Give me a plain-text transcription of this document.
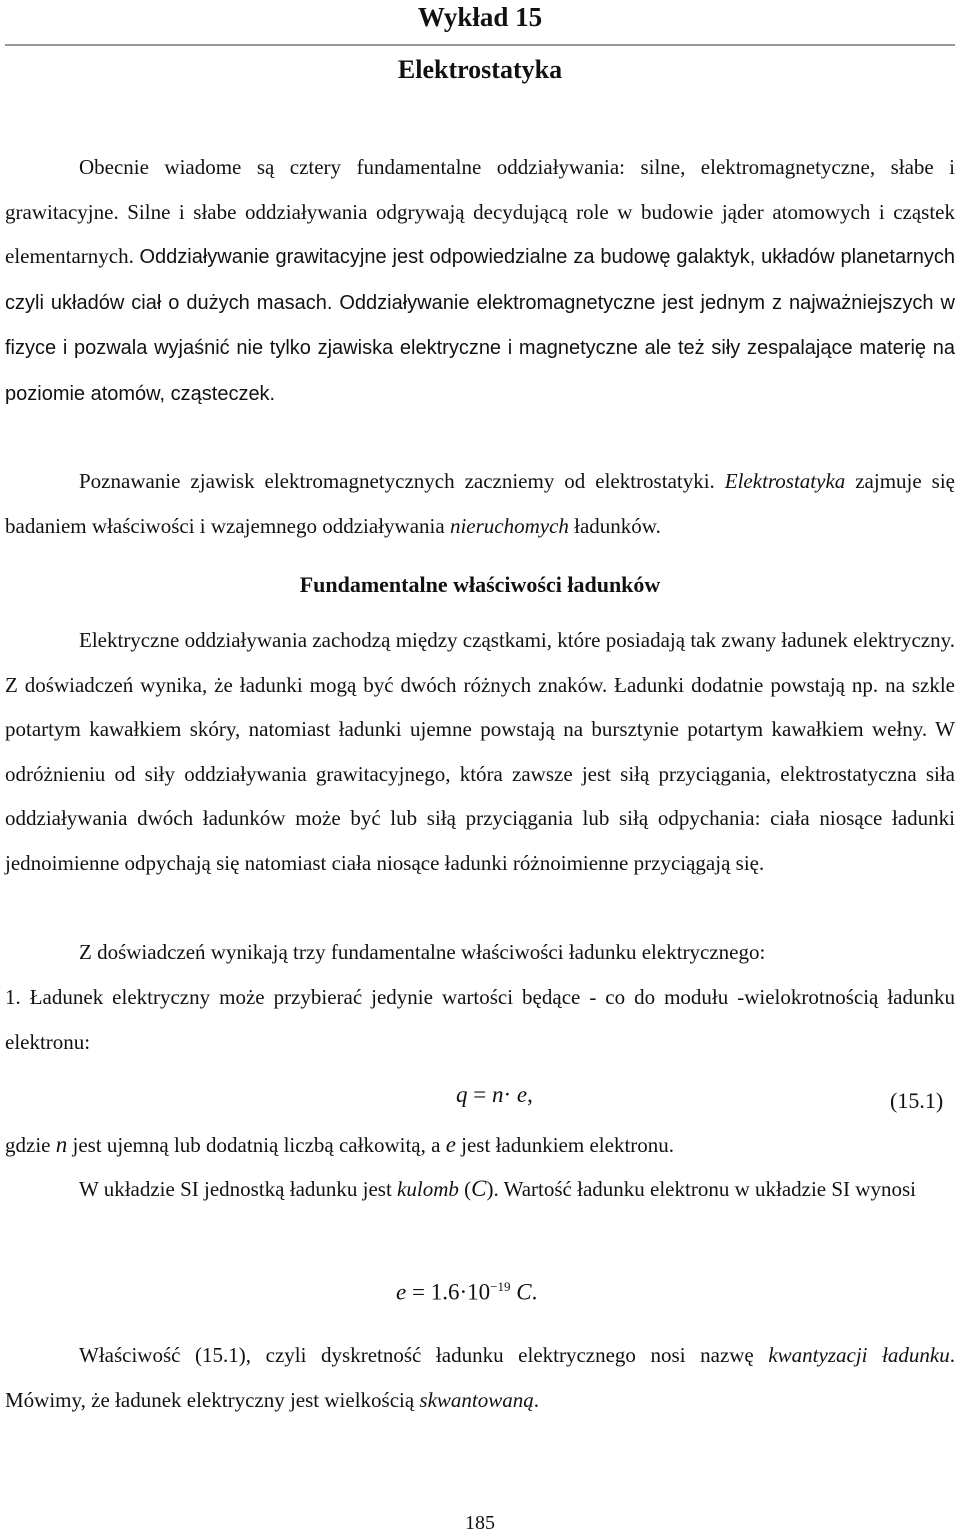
Wykład 15
Elektrostatyka

Obecnie wiadome są cztery fundamentalne oddziaływania: silne, elektromagnetyczne, słabe i grawitacyjne. Silne i słabe oddziaływania odgrywają decydującą role w budowie jąder atomowych i cząstek elementarnych. Oddziaływanie grawitacyjne jest odpowiedzialne za budowę galaktyk, układów planetarnych czyli układów ciał o dużych masach. Oddziaływanie elektromagnetyczne jest jednym z najważniejszych w fizyce i pozwala wyjaśnić nie tylko zjawiska elektryczne i magnetyczne ale też siły zespalające materię na poziomie atomów, cząsteczek.

Poznawanie zjawisk elektromagnetycznych zaczniemy od elektrostatyki. Elektrostatyka zajmuje się badaniem właściwości i wzajemnego oddziaływania nieruchomych ładunków.

Fundamentalne właściwości ładunków

Elektryczne oddziaływania zachodzą między cząstkami, które posiadają tak zwany ładunek elektryczny. Z doświadczeń wynika, że ładunki mogą być dwóch różnych znaków. Ładunki dodatnie powstają np. na szkle potartym kawałkiem skóry, natomiast ładunki ujemne powstają na bursztynie potartym kawałkiem wełny. W odróżnieniu od siły oddziaływania grawitacyjnego, która zawsze jest siłą przyciągania, elektrostatyczna siła oddziaływania dwóch ładunków może być lub siłą przyciągania lub siłą odpychania: ciała niosące ładunki jednoimienne odpychają się natomiast ciała niosące ładunki różnoimienne przyciągają się.

Z doświadczeń wynikają trzy fundamentalne właściwości ładunku elektrycznego:

1. Ładunek elektryczny może przybierać jedynie wartości będące - co do modułu -wielokrotnością ładunku elektronu:

q = n· e,	(15.1)

gdzie n jest ujemną lub dodatnią liczbą całkowitą, a e jest ładunkiem elektronu.

W układzie SI jednostką ładunku jest kulomb (C). Wartość ładunku elektronu w układzie SI wynosi

$e = 1.6\cdot 10^{-19}$ C.

Właściwość (15.1), czyli dyskretność ładunku elektrycznego nosi nazwę kwantyzacji ładunku. Mówimy, że ładunek elektryczny jest wielkością skwantowaną.

185
